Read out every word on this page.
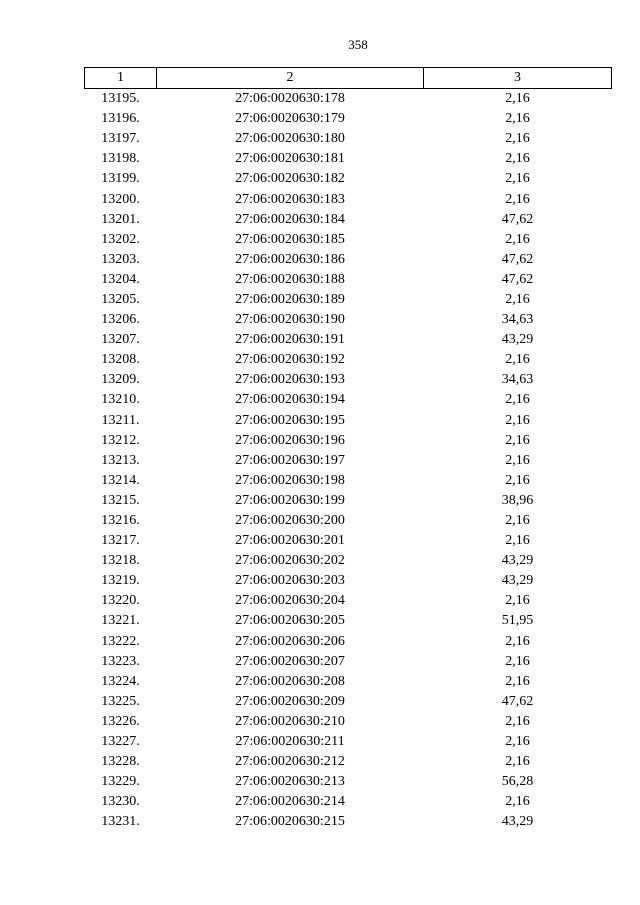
358
1	2	3
13195.	27:06:0020630:178	2,16
13196.	27:06:0020630:179	2,16
13197.	27:06:0020630:180	2,16
13198.	27:06:0020630:181	2,16
13199.	27:06:0020630:182	2,16
13200.	27:06:0020630:183	2,16
13201.	27:06:0020630:184	47,62
13202.	27:06:0020630:185	2,16
13203.	27:06:0020630:186	47,62
13204.	27:06:0020630:188	47,62
13205.	27:06:0020630:189	2,16
13206.	27:06:0020630:190	34,63
13207.	27:06:0020630:191	43,29
13208.	27:06:0020630:192	2,16
13209.	27:06:0020630:193	34,63
13210.	27:06:0020630:194	2,16
13211.	27:06:0020630:195	2,16
13212.	27:06:0020630:196	2,16
13213.	27:06:0020630:197	2,16
13214.	27:06:0020630:198	2,16
13215.	27:06:0020630:199	38,96
13216.	27:06:0020630:200	2,16
13217.	27:06:0020630:201	2,16
13218.	27:06:0020630:202	43,29
13219.	27:06:0020630:203	43,29
13220.	27:06:0020630:204	2,16
13221.	27:06:0020630:205	51,95
13222.	27:06:0020630:206	2,16
13223.	27:06:0020630:207	2,16
13224.	27:06:0020630:208	2,16
13225.	27:06:0020630:209	47,62
13226.	27:06:0020630:210	2,16
13227.	27:06:0020630:211	2,16
13228.	27:06:0020630:212	2,16
13229.	27:06:0020630:213	56,28
13230.	27:06:0020630:214	2,16
13231.	27:06:0020630:215	43,29
